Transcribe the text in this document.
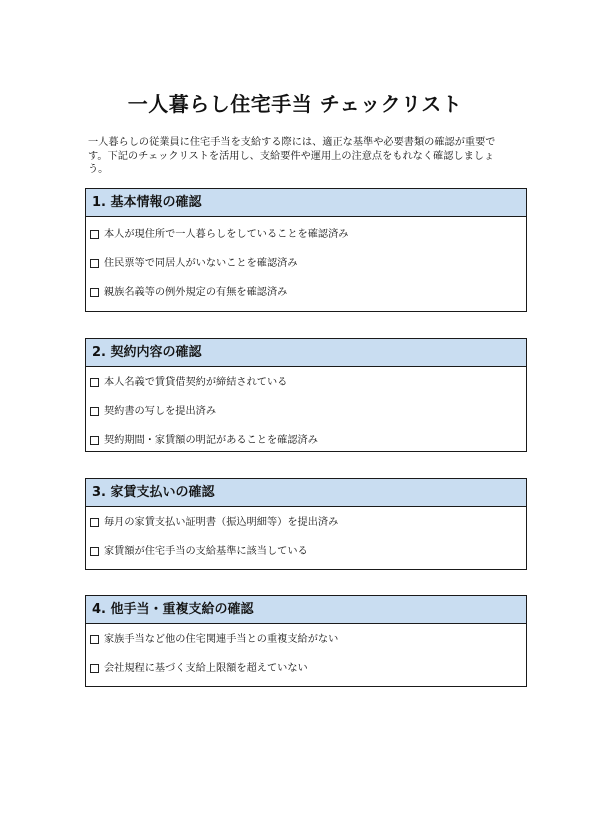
一人暮らし住宅手当 チェックリスト

一人暮らしの従業員に住宅手当を支給する際には、適正な基準や必要書類の確認が重要で

す。下記のチェックリストを活用し、支給要件や運用上の注意点をもれなく確認しましょ

う。

1. 基本情報の確認
本人が現住所で一人暮らしをしていることを確認済み
住民票等で同居人がいないことを確認済み
親族名義等の例外規定の有無を確認済み
2. 契約内容の確認
本人名義で賃貸借契約が締結されている
契約書の写しを提出済み
契約期間・家賃額の明記があることを確認済み
3. 家賃支払いの確認
毎月の家賃支払い証明書（振込明細等）を提出済み
家賃額が住宅手当の支給基準に該当している
4. 他手当・重複支給の確認
家族手当など他の住宅関連手当との重複支給がない
会社規程に基づく支給上限額を超えていない
